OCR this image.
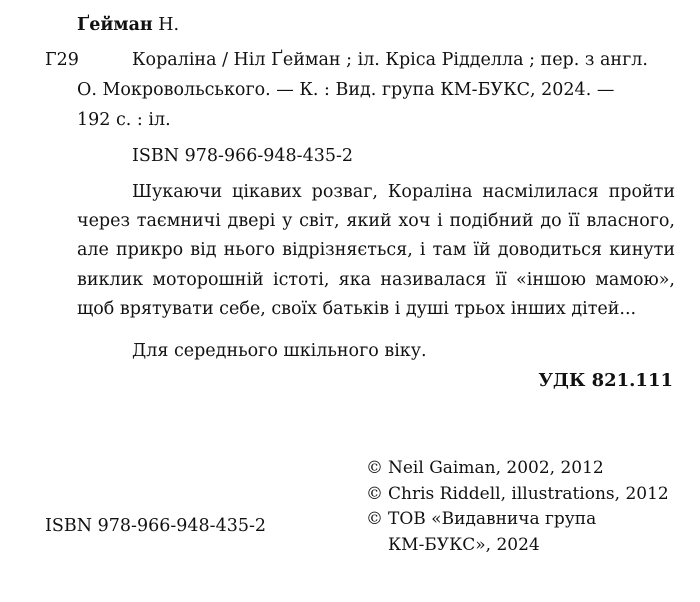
Ґейман Н.
Г29	Кораліна / Ніл Ґейман ; іл. Кріса Рідделла ; пер. з англ.
О. Мокровольського. — К. : Вид. група КМ-БУКС, 2024. —
192 с. : іл.
ISBN 978-966-948-435-2

Шукаючи цікавих розваг, Кораліна насмілилася пройти через таємничі двері у світ, який хоч і подібний до її власного, але прикро від нього відрізняється, і там їй доводиться кинути виклик моторошній істоті, яка називалася її «іншою мамою», щоб врятувати себе, своїх батьків і душі трьох інших дітей...

Для середнього шкільного віку.
УДК 821.111
ISBN 978-966-948-435-2
© Neil Gaiman, 2002, 2012
© Chris Riddell, illustrations, 2012
© ТОВ «Видавнича група
КМ-БУКС», 2024
